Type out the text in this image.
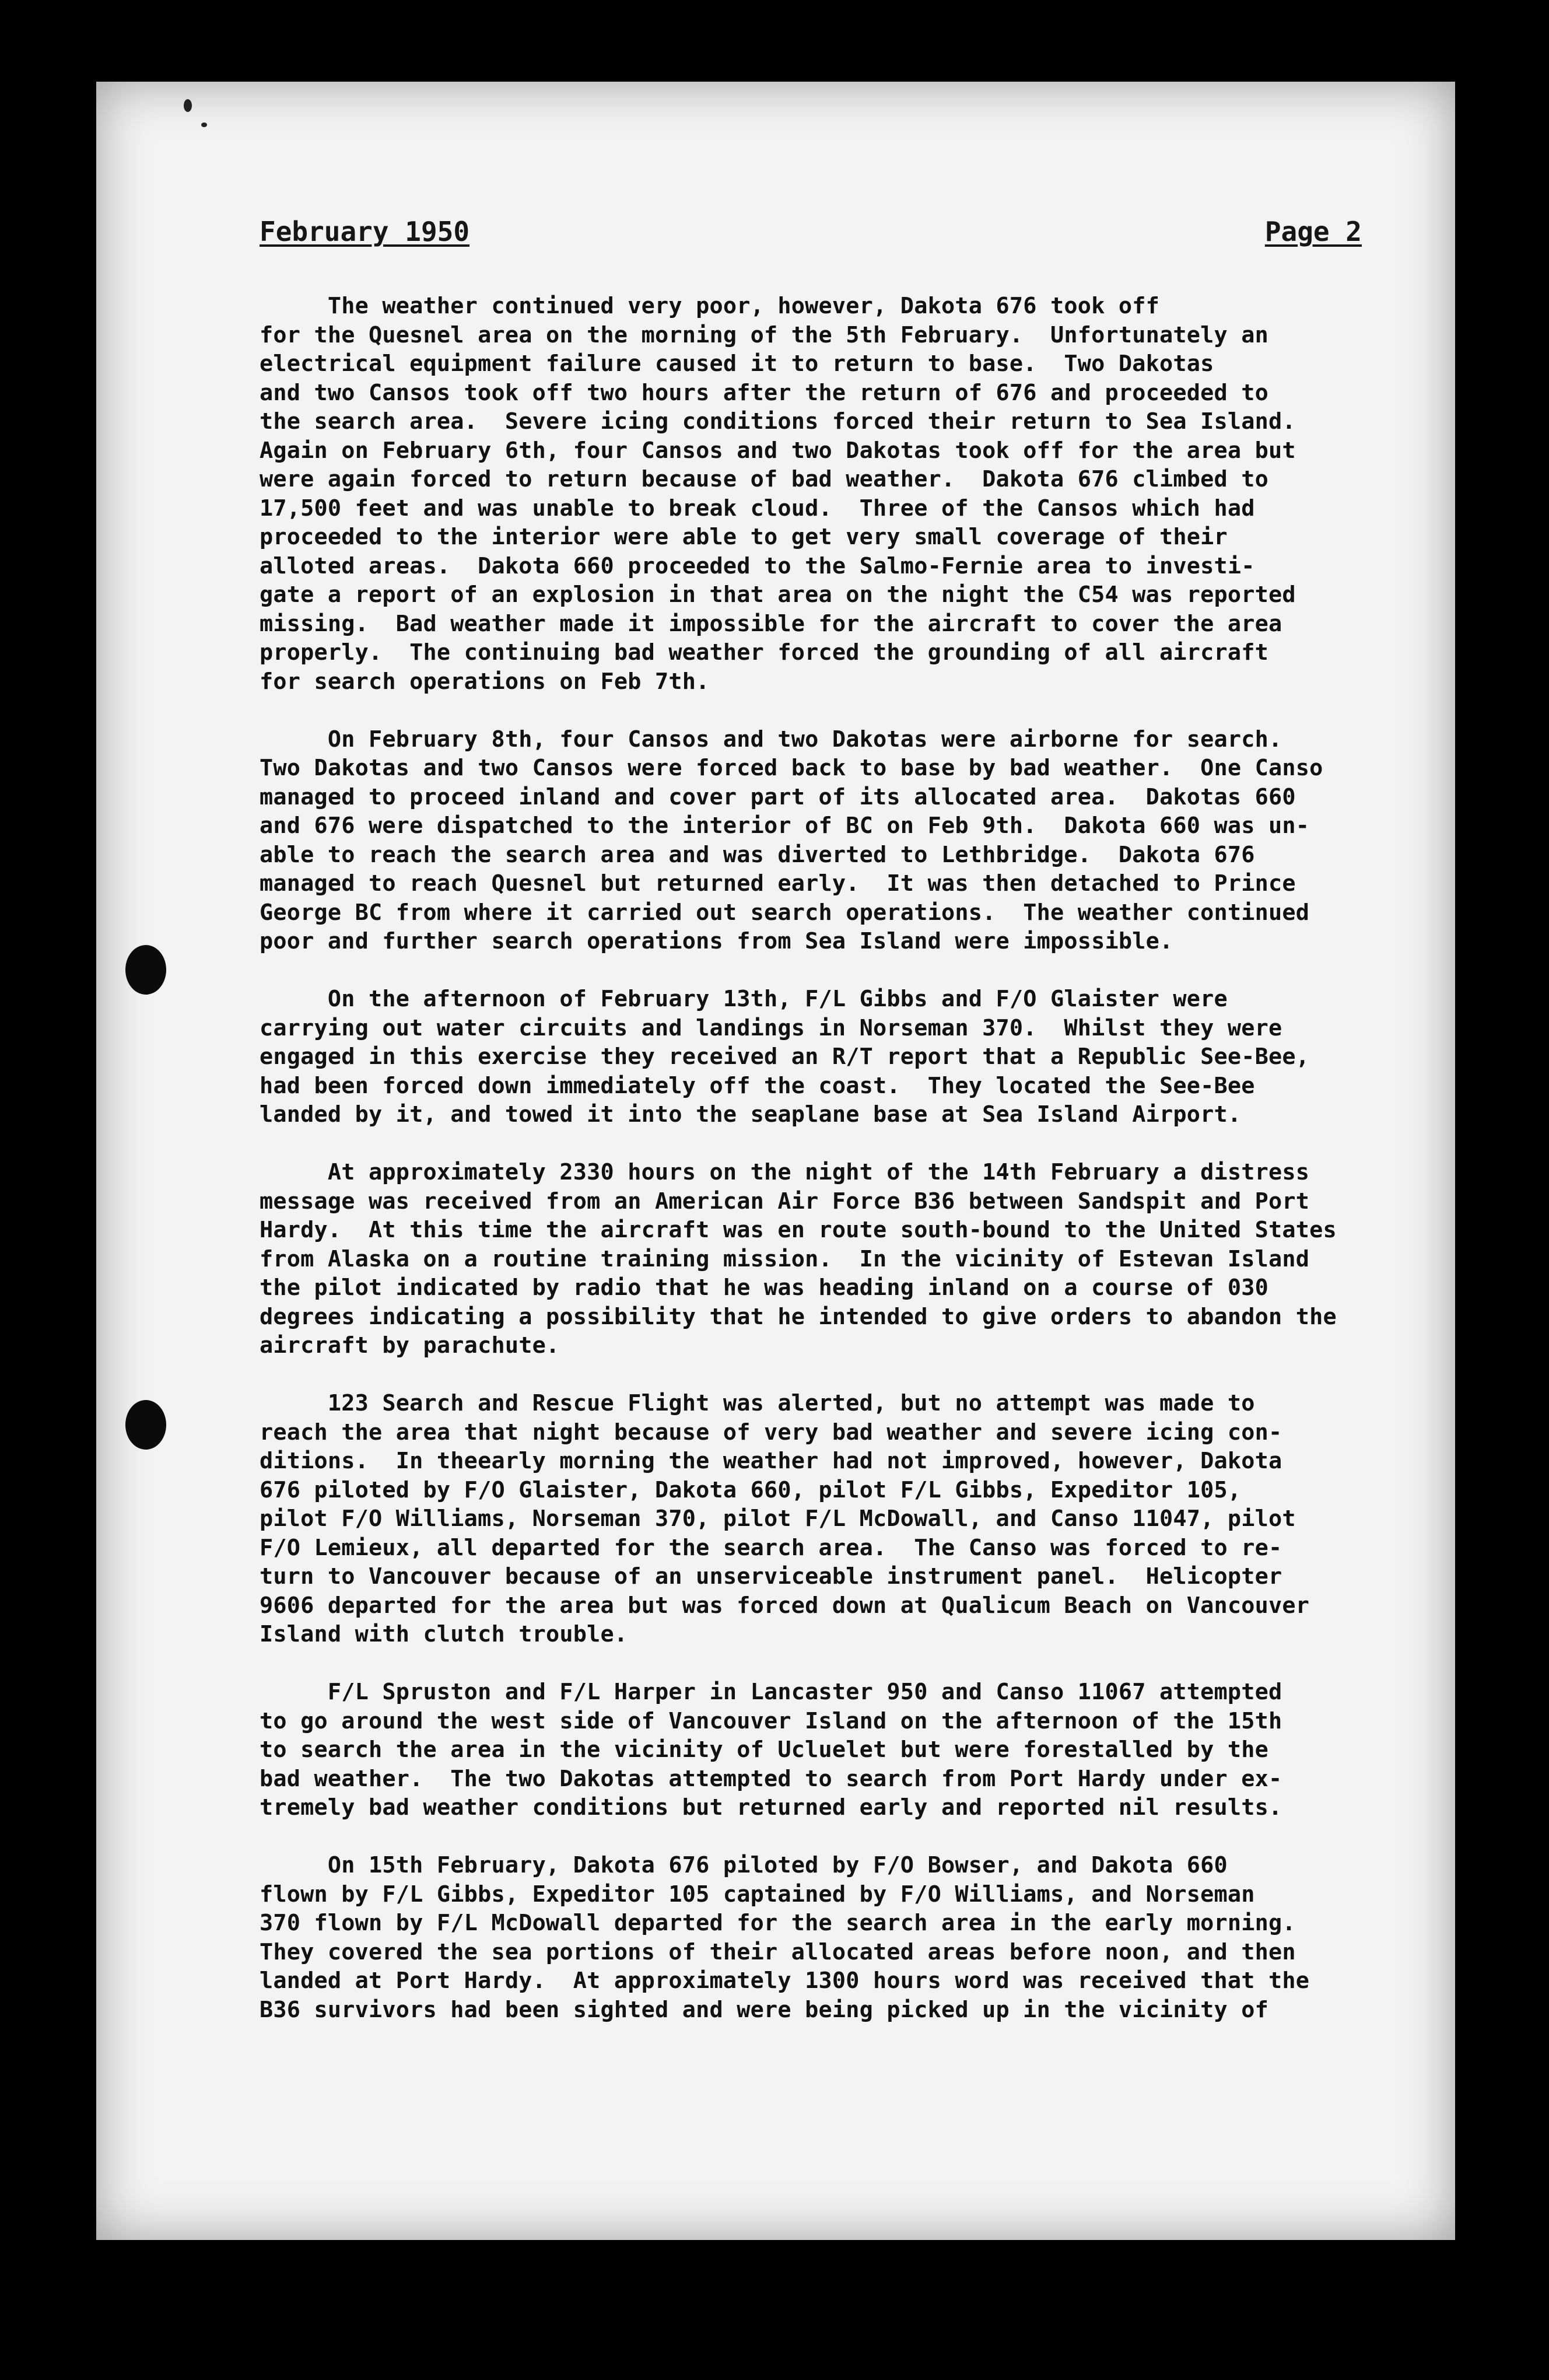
February 1950	Page 2
The weather continued very poor, however, Dakota 676 took off
for the Quesnel area on the morning of the 5th February.  Unfortunately an
electrical equipment failure caused it to return to base.  Two Dakotas
and two Cansos took off two hours after the return of 676 and proceeded to
the search area.  Severe icing conditions forced their return to Sea Island.
Again on February 6th, four Cansos and two Dakotas took off for the area but
were again forced to return because of bad weather.  Dakota 676 climbed to
17,500 feet and was unable to break cloud.  Three of the Cansos which had
proceeded to the interior were able to get very small coverage of their
alloted areas.  Dakota 660 proceeded to the Salmo-Fernie area to investi-
gate a report of an explosion in that area on the night the C54 was reported
missing.  Bad weather made it impossible for the aircraft to cover the area
properly.  The continuing bad weather forced the grounding of all aircraft
for search operations on Feb 7th.
On February 8th, four Cansos and two Dakotas were airborne for search.
Two Dakotas and two Cansos were forced back to base by bad weather.  One Canso
managed to proceed inland and cover part of its allocated area.  Dakotas 660
and 676 were dispatched to the interior of BC on Feb 9th.  Dakota 660 was un-
able to reach the search area and was diverted to Lethbridge.  Dakota 676
managed to reach Quesnel but returned early.  It was then detached to Prince
George BC from where it carried out search operations.  The weather continued
poor and further search operations from Sea Island were impossible.
On the afternoon of February 13th, F/L Gibbs and F/O Glaister were
carrying out water circuits and landings in Norseman 370.  Whilst they were
engaged in this exercise they received an R/T report that a Republic See-Bee,
had been forced down immediately off the coast.  They located the See-Bee
landed by it, and towed it into the seaplane base at Sea Island Airport.
At approximately 2330 hours on the night of the 14th February a distress
message was received from an American Air Force B36 between Sandspit and Port
Hardy.  At this time the aircraft was en route south-bound to the United States
from Alaska on a routine training mission.  In the vicinity of Estevan Island
the pilot indicated by radio that he was heading inland on a course of 030
degrees indicating a possibility that he intended to give orders to abandon the
aircraft by parachute.
123 Search and Rescue Flight was alerted, but no attempt was made to
reach the area that night because of very bad weather and severe icing con-
ditions.  In theearly morning the weather had not improved, however, Dakota
676 piloted by F/O Glaister, Dakota 660, pilot F/L Gibbs, Expeditor 105,
pilot F/O Williams, Norseman 370, pilot F/L McDowall, and Canso 11047, pilot
F/O Lemieux, all departed for the search area.  The Canso was forced to re-
turn to Vancouver because of an unserviceable instrument panel.  Helicopter
9606 departed for the area but was forced down at Qualicum Beach on Vancouver
Island with clutch trouble.
F/L Spruston and F/L Harper in Lancaster 950 and Canso 11067 attempted
to go around the west side of Vancouver Island on the afternoon of the 15th
to search the area in the vicinity of Ucluelet but were forestalled by the
bad weather.  The two Dakotas attempted to search from Port Hardy under ex-
tremely bad weather conditions but returned early and reported nil results.
On 15th February, Dakota 676 piloted by F/O Bowser, and Dakota 660
flown by F/L Gibbs, Expeditor 105 captained by F/O Williams, and Norseman
370 flown by F/L McDowall departed for the search area in the early morning.
They covered the sea portions of their allocated areas before noon, and then
landed at Port Hardy.  At approximately 1300 hours word was received that the
B36 survivors had been sighted and were being picked up in the vicinity of
